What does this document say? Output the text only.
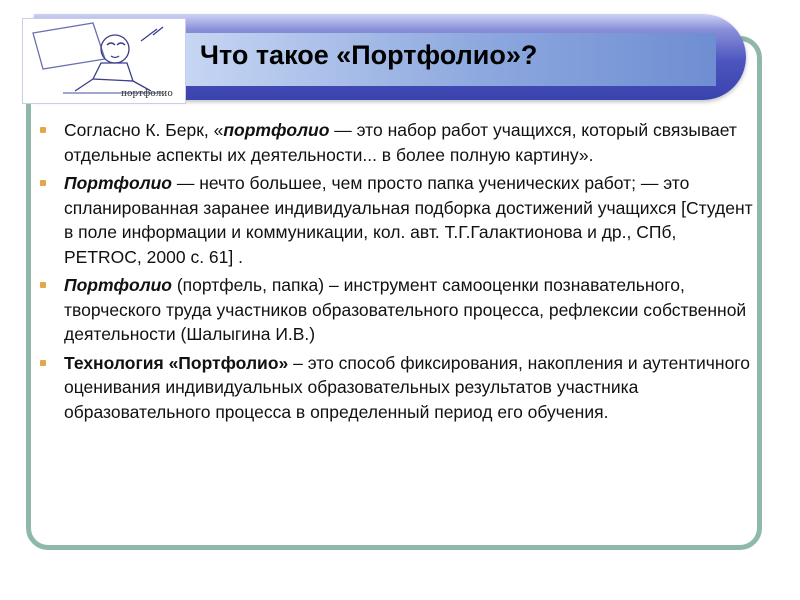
Что такое «Портфолио»?
портфолио
Согласно К. Берк, «портфолио — это набор работ учащихся, который связывает отдельные аспекты их деятельности... в более полную картину».
Портфолио — нечто большее, чем просто папка ученических работ; — это спланированная заранее индивидуальная подборка достижений учащихся [Студент в поле информации и коммуникации, кол. авт. Т.Г.Галактионова и др., СПб, PETROC, 2000 с. 61] .
Портфолио (портфель, папка) – инструмент самооценки познавательного, творческого труда участников образовательного процесса, рефлексии собственной деятельности (Шалыгина И.В.)
Технология «Портфолио» – это способ фиксирования, накопления и аутентичного оценивания индивидуальных образовательных результатов участника образовательного процесса в определенный период его обучения.
